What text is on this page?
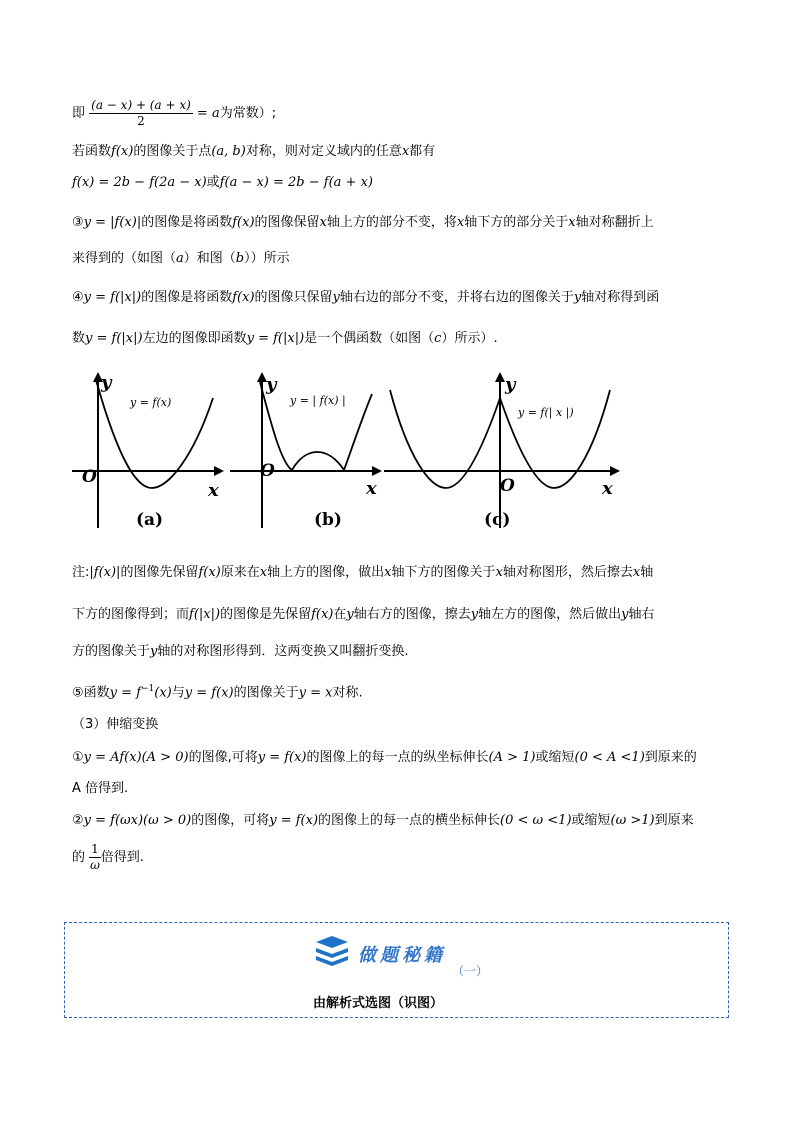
即 $\frac{(a - x) + (a + x)}{2} = a$为常数）;
若函数f(x)的图像关于点(a, b)对称，则对定义域内的任意x都有
f(x) = 2b − f(2a − x)或f(a − x) = 2b − f(a + x)
③y = |f(x)|的图像是将函数f(x)的图像保留x轴上方的部分不变，将x轴下方的部分关于x轴对称翻折上
来得到的（如图（a）和图（b））所示
④y = f(|x|)的图像是将函数f(x)的图像只保留y轴右边的部分不变，并将右边的图像关于y轴对称得到函
数y = f(|x|)左边的图像即函数y = f(|x|)是一个偶函数（如图（c）所示）.
y = f(x)
O
x
y
(a)
y = | f(x) |
O
x
y
(b)
y = f(| x |)
O	x
y
(c)
注:|f(x)|的图像先保留f(x)原来在x轴上方的图像，做出x轴下方的图像关于x轴对称图形，然后擦去x轴
下方的图像得到；而f(|x|)的图像是先保留f(x)在y轴右方的图像，擦去y轴左方的图像，然后做出y轴右
方的图像关于y轴的对称图形得到．这两变换又叫翻折变换.
⑤函数$y = f^{-1}(x)$与y = f(x)的图像关于y = x对称.
（3）伸缩变换
①y = Af(x)(A > 0)的图像,可将y = f(x)的图像上的每一点的纵坐标伸长(A > 1)或缩短(0 < A <1)到原来的
A 倍得到.
②y = f(ωx)(ω > 0)的图像，可将y = f(x)的图像上的每一点的横坐标伸长(0 < ω <1)或缩短(ω >1)到原来
的 $\frac{1}{\omega}$ 倍得到.
做题秘籍
（一）
由解析式选图（识图）
